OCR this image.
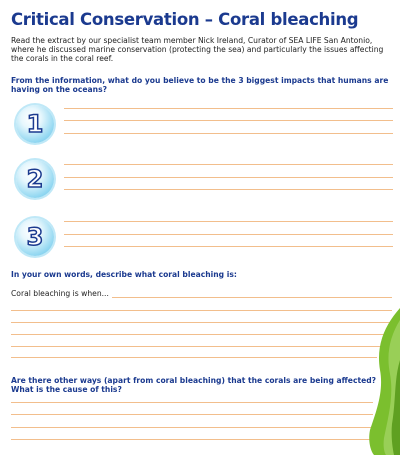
Critical Conservation – Coral bleaching
Read the extract by our specialist team member Nick Ireland, Curator of SEA LIFE San Antonio, where he discussed marine conservation (protecting the sea) and particularly the issues affecting the corals in the coral reef.
From the information, what do you believe to be the 3 biggest impacts that humans are having on the oceans?
1
2
3
In your own words, describe what coral bleaching is:
Coral bleaching is when...
Are there other ways (apart from coral bleaching) that the corals are being affected? What is the cause of this?
